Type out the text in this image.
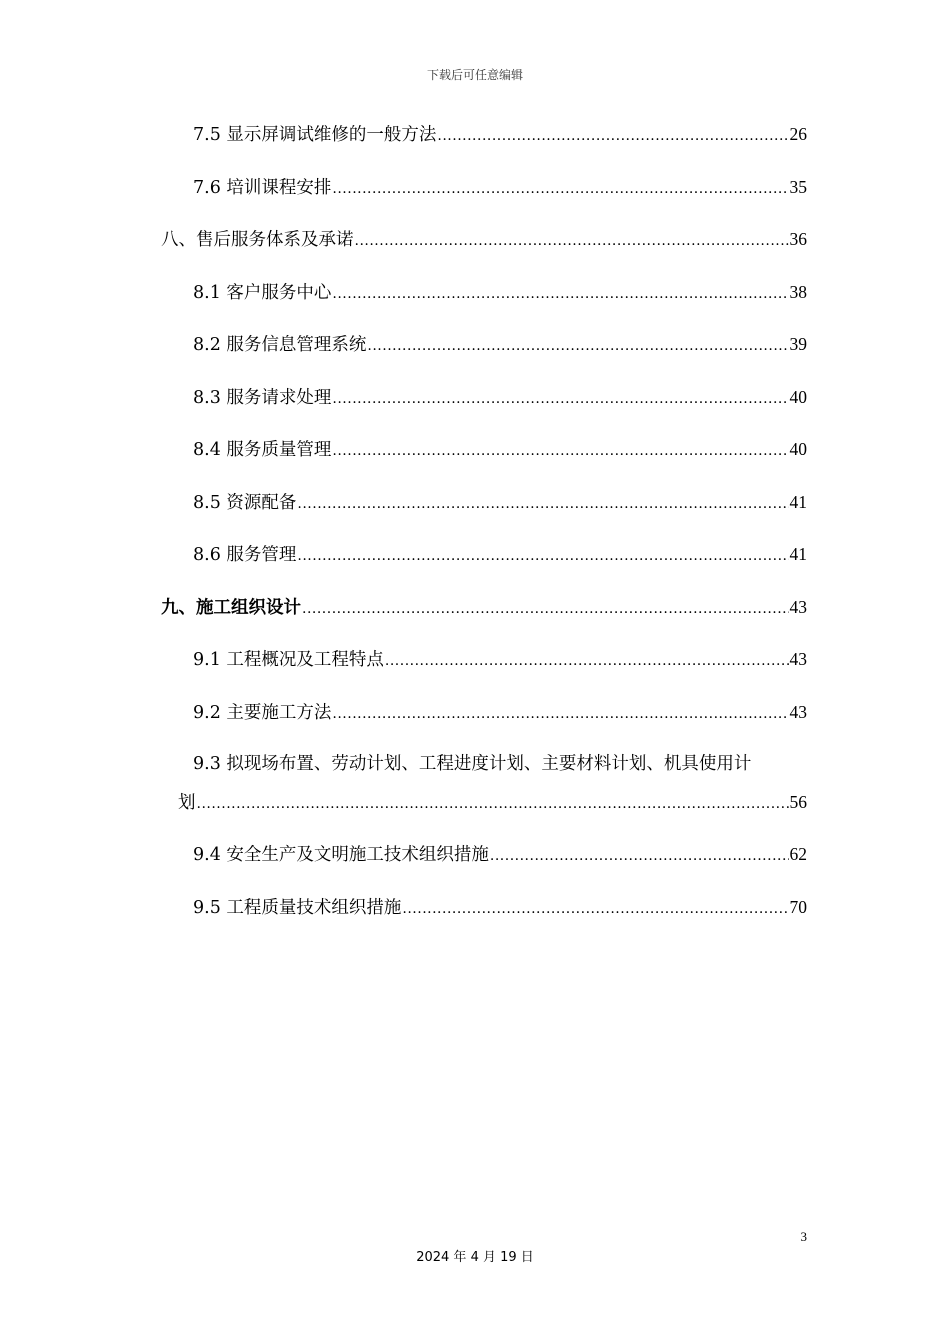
下载后可任意编辑
7.5 显示屏调试维修的一般方法 .....	26
7.6 培训课程安排 .....	35
八、售后服务体系及承诺 .....	36
8.1 客户服务中心 .....	38
8.2 服务信息管理系统 .....	39
8.3 服务请求处理 .....	40
8.4 服务质量管理 .....	40
8.5 资源配备 .....	41
8.6 服务管理 .....	41
九、施工组织设计 .....	43
9.1 工程概况及工程特点 .....	43
9.2 主要施工方法 .....	43
9.3 拟现场布置、劳动计划、工程进度计划、主要材料计划、机具使用计
划 .....	56
9.4 安全生产及文明施工技术组织措施 .....	62
9.5 工程质量技术组织措施 .....	70
3
2024 年 4 月 19 日
